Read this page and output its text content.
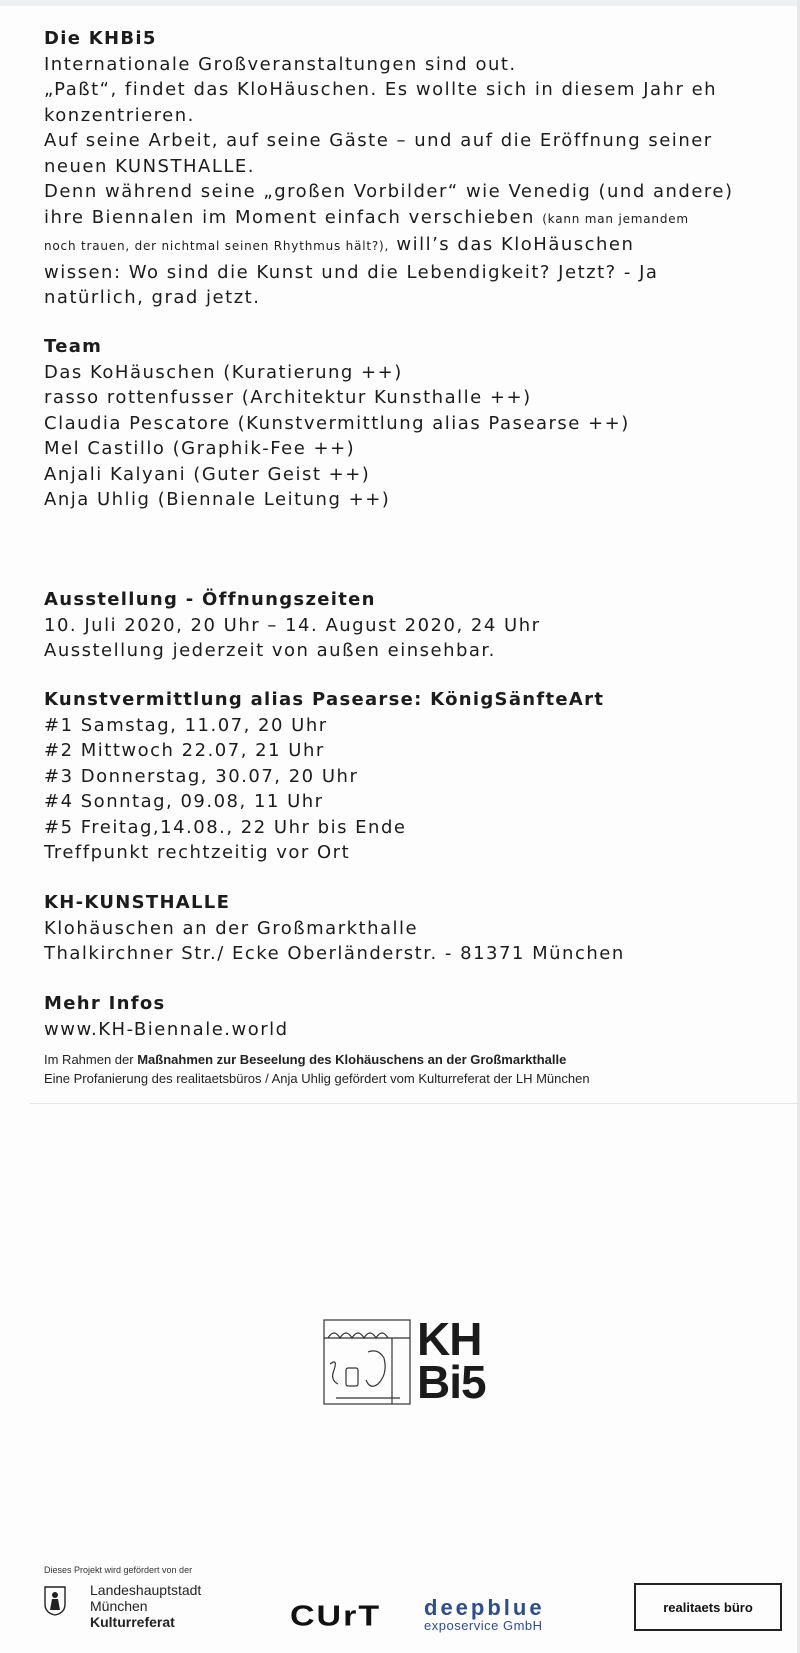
Die KHBi5
Internationale Großveranstaltungen sind out.
„Paßt“, findet das KloHäuschen. Es wollte sich in diesem Jahr eh
konzentrieren.
Auf seine Arbeit, auf seine Gäste – und auf die Eröffnung seiner
neuen KUNSTHALLE.
Denn während seine „großen Vorbilder“ wie Venedig (und andere)
ihre Biennalen im Moment einfach verschieben (kann man jemandem
noch trauen, der nichtmal seinen Rhythmus hält?), will’s das KloHäuschen
wissen: Wo sind die Kunst und die Lebendigkeit? Jetzt? - Ja
natürlich, grad jetzt.
Team
Das KoHäuschen (Kuratierung ++)
rasso rottenfusser (Architektur Kunsthalle ++)
Claudia Pescatore (Kunstvermittlung alias Pasearse ++)
Mel Castillo (Graphik-Fee ++)
Anjali Kalyani (Guter Geist ++)
Anja Uhlig (Biennale Leitung ++)
Ausstellung - Öffnungszeiten
10. Juli 2020, 20 Uhr – 14. August 2020, 24 Uhr
Ausstellung jederzeit von außen einsehbar.
Kunstvermittlung alias Pasearse: KönigSänfteArt
#1 Samstag, 11.07, 20 Uhr
#2 Mittwoch 22.07, 21 Uhr
#3 Donnerstag, 30.07, 20 Uhr
#4 Sonntag, 09.08, 11 Uhr
#5 Freitag,14.08., 22 Uhr bis Ende
Treffpunkt rechtzeitig vor Ort
KH-KUNSTHALLE
Klohäuschen an der Großmarkthalle
Thalkirchner Str./ Ecke Oberländerstr. - 81371 München
Mehr Infos
www.KH-Biennale.world
Im Rahmen der Maßnahmen zur Beseelung des Klohäuschens an der Großmarkthalle
Eine Profanierung des realitaetsbüros / Anja Uhlig gefördert vom Kulturreferat der LH München
KH
Bi5
Dieses Projekt wird gefördert von der
Landeshauptstadt
München
Kulturreferat	CUrT deepblue
exposervice GmbH
realitaets büro
